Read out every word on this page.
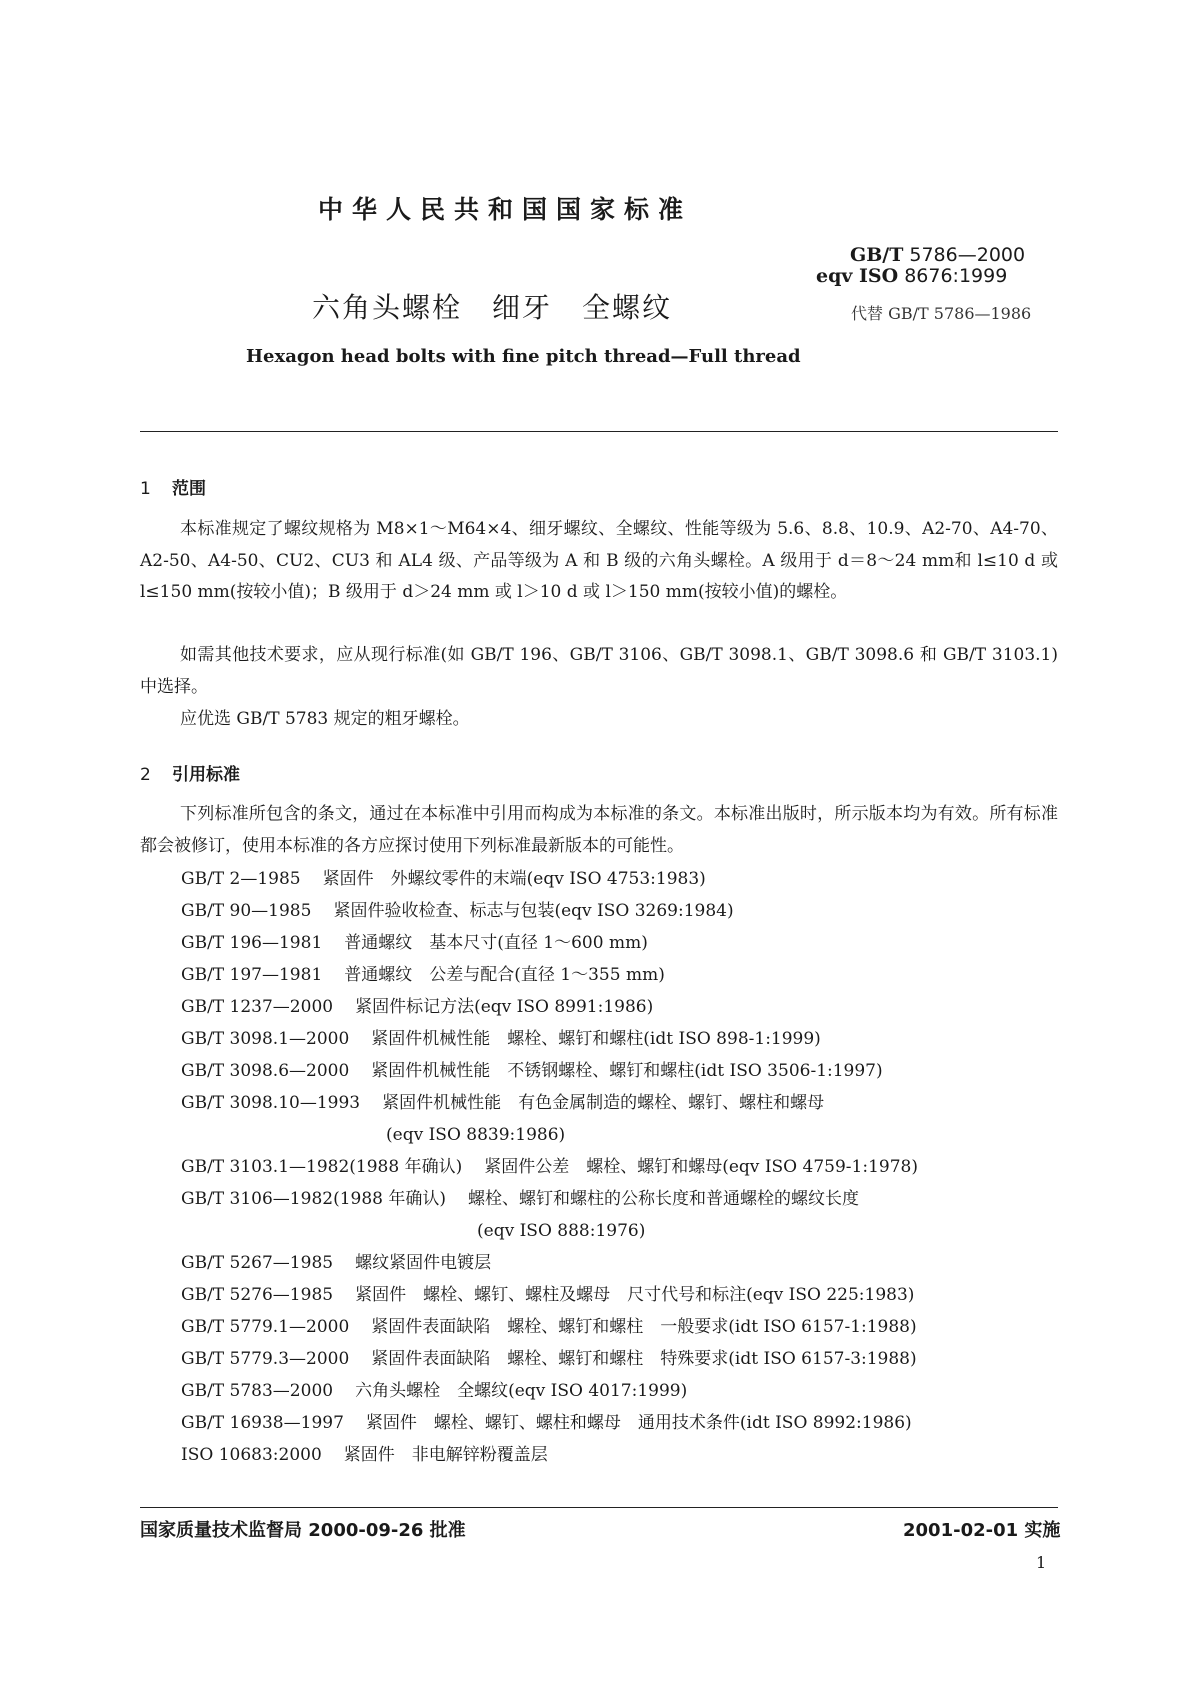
中华人民共和国国家标准
GB/T 5786—2000
eqv ISO 8676:1999
代替 GB/T 5786—1986
六角头螺栓　细牙　全螺纹
Hexagon head bolts with fine pitch thread—Full thread
1 范围
本标准规定了螺纹规格为 M8×1～M64×4、细牙螺纹、全螺纹、性能等级为 5.6、8.8、10.9、A2-70、A4-70、A2-50、A4-50、CU2、CU3 和 AL4 级、产品等级为 A 和 B 级的六角头螺栓。A 级用于 d＝8～24 mm和 l≤10 d 或 l≤150 mm(按较小值)；B 级用于 d＞24 mm 或 l＞10 d 或 l＞150 mm(按较小值)的螺栓。
如需其他技术要求，应从现行标准(如 GB/T 196、GB/T 3106、GB/T 3098.1、GB/T 3098.6 和 GB/T 3103.1)中选择。
应优选 GB/T 5783 规定的粗牙螺栓。
2 引用标准
下列标准所包含的条文，通过在本标准中引用而构成为本标准的条文。本标准出版时，所示版本均为有效。所有标准都会被修订，使用本标准的各方应探讨使用下列标准最新版本的可能性。
GB/T 2—1985 紧固件　外螺纹零件的末端(eqv ISO 4753:1983)
GB/T 90—1985 紧固件验收检查、标志与包装(eqv ISO 3269:1984)
GB/T 196—1981 普通螺纹　基本尺寸(直径 1～600 mm)
GB/T 197—1981 普通螺纹　公差与配合(直径 1～355 mm)
GB/T 1237—2000 紧固件标记方法(eqv ISO 8991:1986)
GB/T 3098.1—2000 紧固件机械性能　螺栓、螺钉和螺柱(idt ISO 898-1:1999)
GB/T 3098.6—2000 紧固件机械性能　不锈钢螺栓、螺钉和螺柱(idt ISO 3506-1:1997)
GB/T 3098.10—1993 紧固件机械性能　有色金属制造的螺栓、螺钉、螺柱和螺母
(eqv ISO 8839:1986)
GB/T 3103.1—1982(1988 年确认) 紧固件公差　螺栓、螺钉和螺母(eqv ISO 4759-1:1978)
GB/T 3106—1982(1988 年确认) 螺栓、螺钉和螺柱的公称长度和普通螺栓的螺纹长度
(eqv ISO 888:1976)
GB/T 5267—1985 螺纹紧固件电镀层
GB/T 5276—1985 紧固件　螺栓、螺钉、螺柱及螺母　尺寸代号和标注(eqv ISO 225:1983)
GB/T 5779.1—2000 紧固件表面缺陷　螺栓、螺钉和螺柱　一般要求(idt ISO 6157-1:1988)
GB/T 5779.3—2000 紧固件表面缺陷　螺栓、螺钉和螺柱　特殊要求(idt ISO 6157-3:1988)
GB/T 5783—2000 六角头螺栓　全螺纹(eqv ISO 4017:1999)
GB/T 16938—1997 紧固件　螺栓、螺钉、螺柱和螺母　通用技术条件(idt ISO 8992:1986)
ISO 10683:2000 紧固件　非电解锌粉覆盖层
国家质量技术监督局 2000-09-26 批准	2001-02-01 实施
1
